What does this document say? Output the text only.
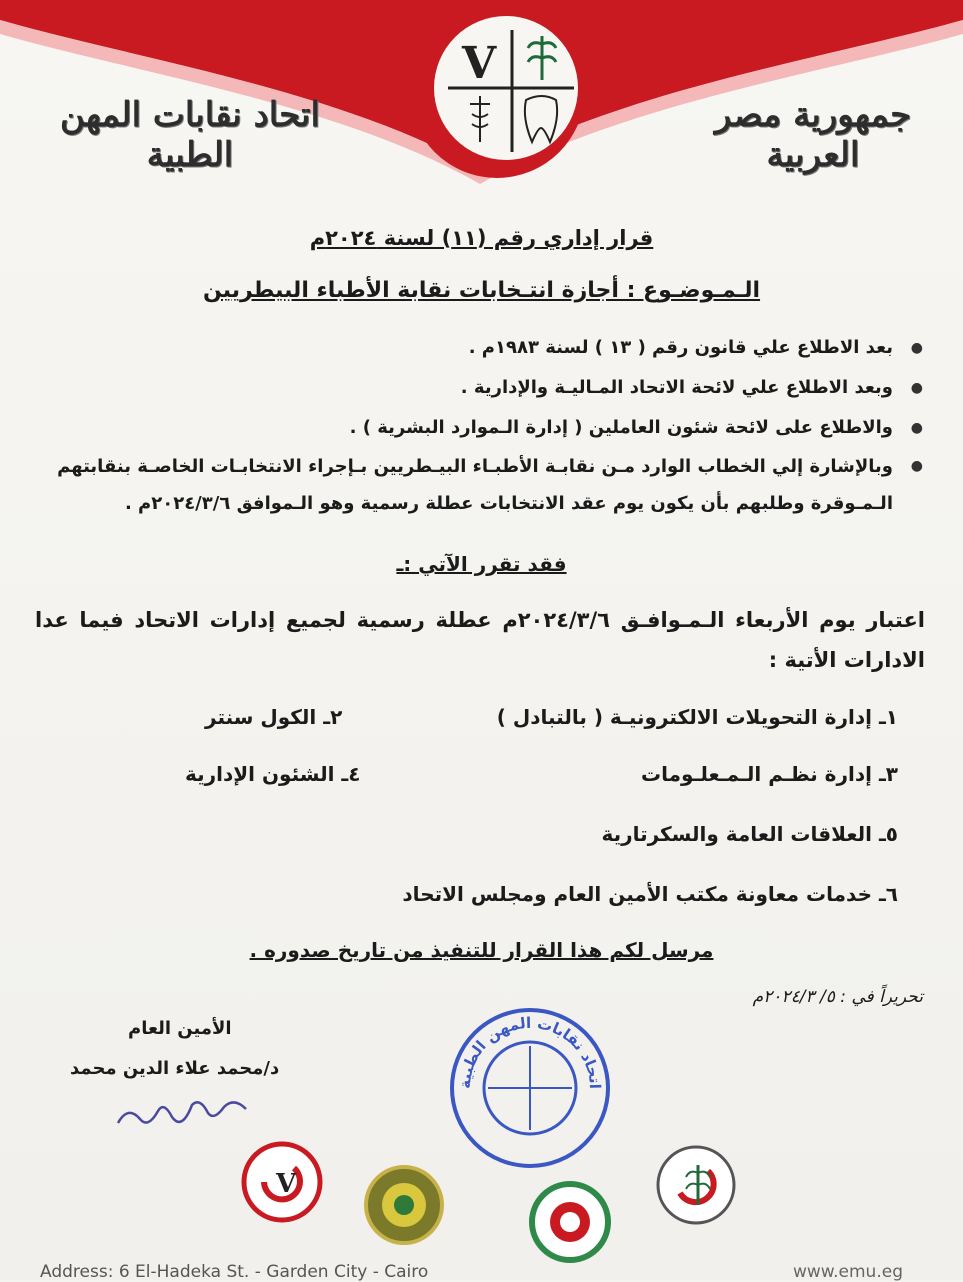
V
اتحاد نقابات المهن الطبية
جمهورية مصر العربية
قرار إداري رقم (١١) لسنة ٢٠٢٤م
الـمـوضـوع : أجازة انتـخابات نقابة الأطباء البيطريين
● بعد الاطلاع علي قانون رقم ( ١٣ ) لسنة ١٩٨٣م .
● وبعد الاطلاع علي لائحة الاتحاد المـاليـة والإدارية .
● والاطلاع على لائحة شئون العاملين ( إدارة الـموارد البشرية ) .
● وبالإشارة إلي الخطاب الوارد مـن نقابـة الأطبـاء البيـطريين بـإجراء الانتخابـات الخاصـة بنقابتهم الـمـوقرة وطلبهم بأن يكون يوم عقد الانتخابات عطلة رسمية وهو الـموافق ٢٠٢٤/٣/٦م .
فقد تقرر الآتي :ـ
اعتبار يوم الأربعاء الـمـوافـق ٢٠٢٤/٣/٦م عطلة رسمية لجميع إدارات الاتحاد فيما عدا الادارات الأتية :
١ـ إدارة التحويلات الالكترونيـة ( بالتبادل )
٢ـ الكول سنتر
٣ـ إدارة نظـم الـمـعلـومات
٤ـ الشئون الإدارية
٥ـ العلاقات العامة والسكرتارية
٦ـ خدمات معاونة مكتب الأمين العام ومجلس الاتحاد
مرسل لكم هذا القرار للتنفيذ من تاريخ صدوره .
تحريراً في : ٥/ ٢٠٢٤/٣م
الأمين العام
د/محمد علاء الدين محمد
اتحاد نقابات المهن الطبية
V
Address: 6 El-Hadeka St. - Garden City - Cairo	www.emu.eg
